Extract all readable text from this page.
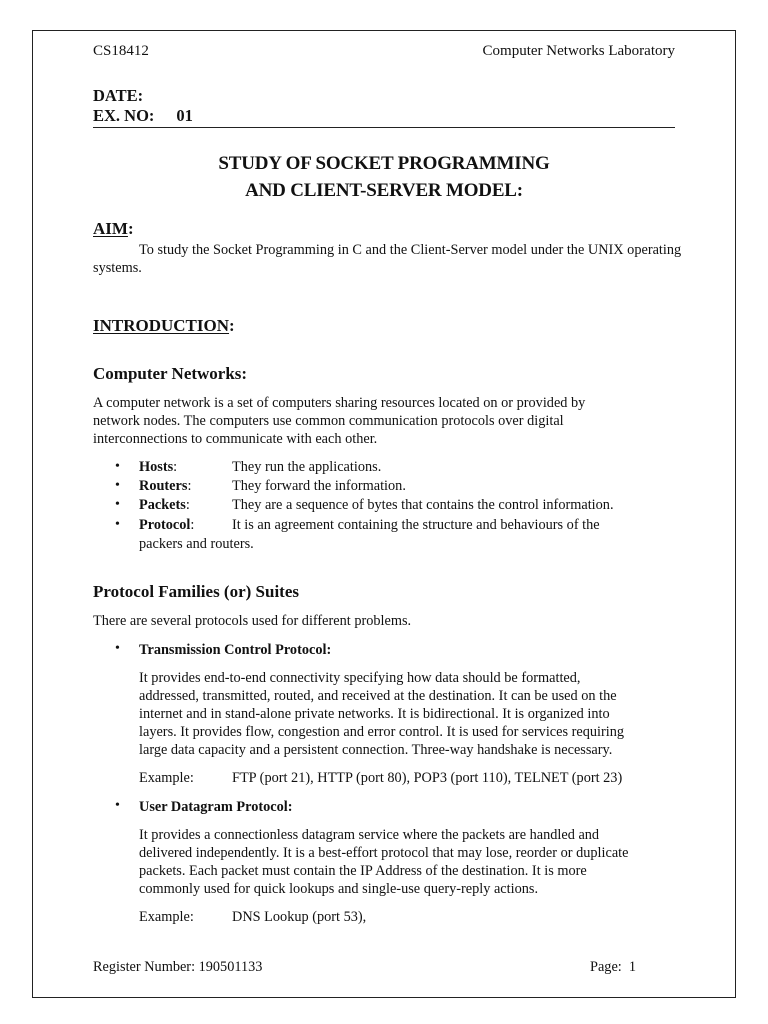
CS18412	Computer Networks Laboratory
DATE:
EX. NO: 01
STUDY OF SOCKET PROGRAMMING
AND CLIENT-SERVER MODEL:
AIM:
To study the Socket Programming in C and the Client-Server model under the UNIX operating systems.
INTRODUCTION:
Computer Networks:
A computer network is a set of computers sharing resources located on or provided by
network nodes. The computers use common communication protocols over digital
interconnections to communicate with each other.
• Hosts:	They run the applications.
• Routers:	They forward the information.
• Packets:	They are a sequence of bytes that contains the control information.
• Protocol:	It is an agreement containing the structure and behaviours of the
packers and routers.
Protocol Families (or) Suites
There are several protocols used for different problems.
• Transmission Control Protocol:
It provides end-to-end connectivity specifying how data should be formatted,
addressed, transmitted, routed, and received at the destination. It can be used on the
internet and in stand-alone private networks. It is bidirectional. It is organized into
layers. It provides flow, congestion and error control. It is used for services requiring
large data capacity and a persistent connection. Three-way handshake is necessary.
Example:	FTP (port 21), HTTP (port 80), POP3 (port 110), TELNET (port 23)
• User Datagram Protocol:
It provides a connectionless datagram service where the packets are handled and
delivered independently. It is a best-effort protocol that may lose, reorder or duplicate
packets. Each packet must contain the IP Address of the destination. It is more
commonly used for quick lookups and single-use query-reply actions.
Example:	DNS Lookup (port 53),
Register Number: 190501133	Page: 1
